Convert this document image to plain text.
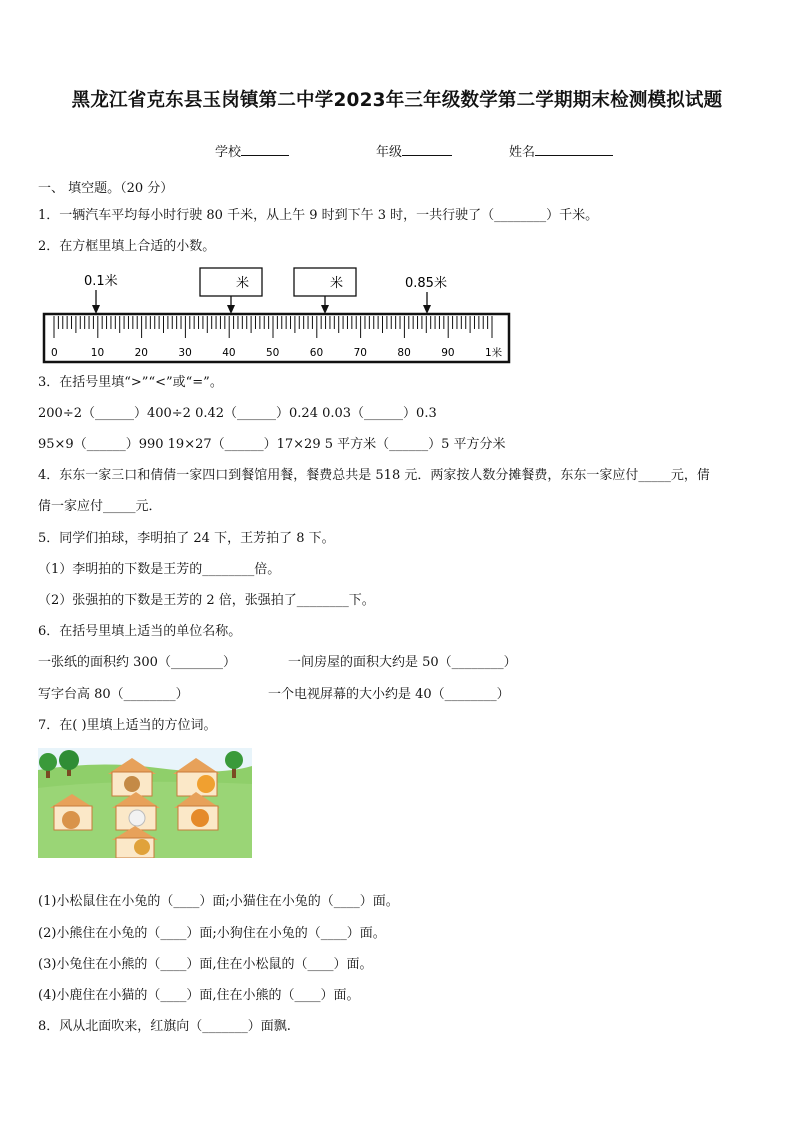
黑龙江省克东县玉岗镇第二中学2023年三年级数学第二学期期末检测模拟试题
学校	年级	姓名
一、 填空题。（20 分）
1．一辆汽车平均每小时行驶 80 千米，从上午 9 时到下午 3 时，一共行驶了（________）千米。
2．在方框里填上合适的小数。
0.1米	米	米	0.85米
0	10	20	30	40	50	60	70	80	90	1米
3．在括号里填“>”“<”或“=”。
200÷2（______）400÷2 0.42（______）0.24 0.03（______）0.3
95×9（______）990 19×27（______）17×29 5 平方米（______）5 平方分米
4．东东一家三口和倩倩一家四口到餐馆用餐，餐费总共是 518 元．两家按人数分摊餐费，东东一家应付_____元，倩
倩一家应付_____元．
5．同学们拍球，李明拍了 24 下，王芳拍了 8 下。
（1）李明拍的下数是王芳的________倍。
（2）张强拍的下数是王芳的 2 倍，张强拍了________下。
6．在括号里填上适当的单位名称。
一张纸的面积约 300（________）	一间房屋的面积大约是 50（________）
写字台高 80（________）	一个电视屏幕的大小约是 40（________）
7．在( )里填上适当的方位词。
(1)小松鼠住在小兔的（____）面;小猫住在小兔的（____）面。
(2)小熊住在小兔的（____）面;小狗住在小兔的（____）面。
(3)小兔住在小熊的（____）面,住在小松鼠的（____）面。
(4)小鹿住在小猫的（____）面,住在小熊的（____）面。
8．风从北面吹来，红旗向（_______）面飘.
